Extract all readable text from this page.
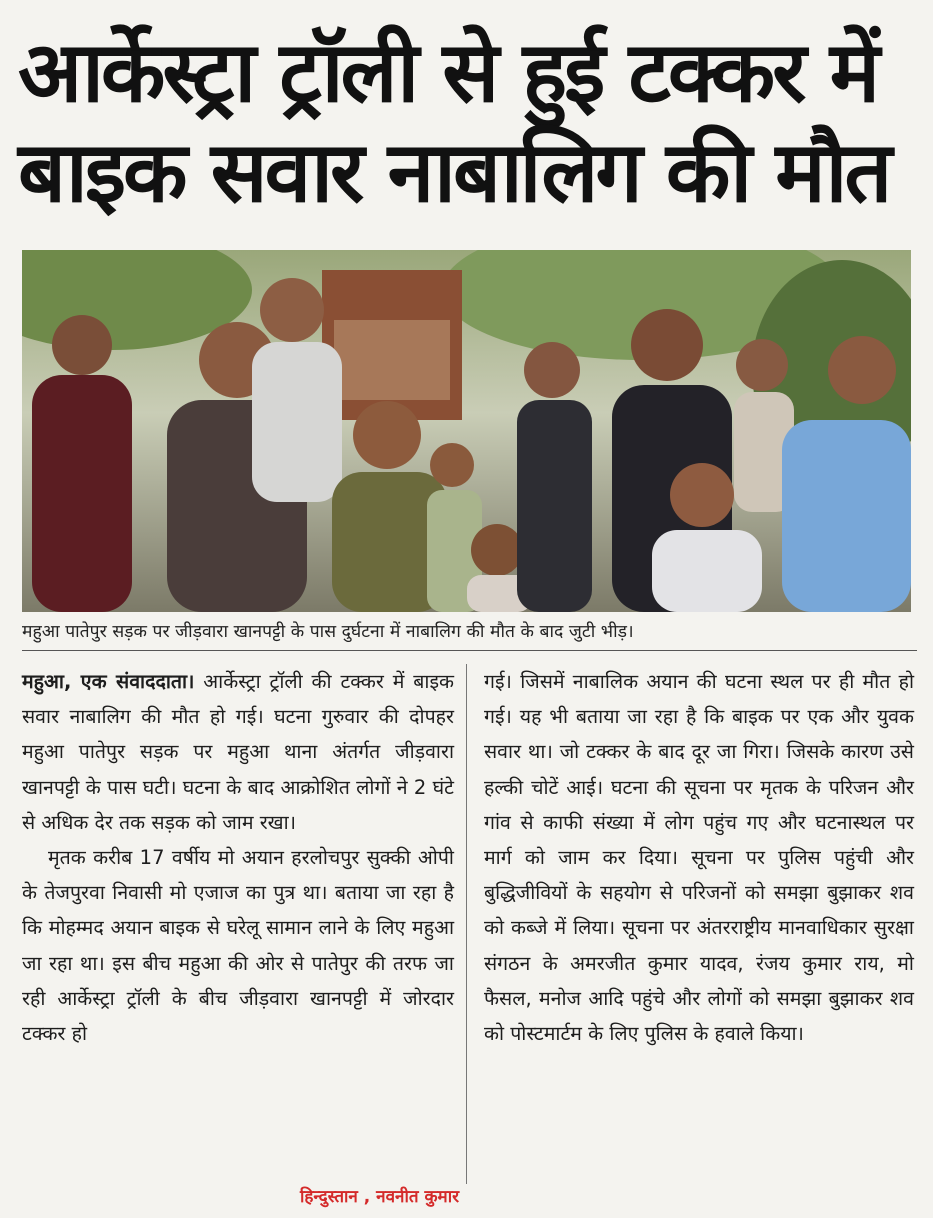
आर्केस्ट्रा ट्रॉली से हुई टक्कर में
बाइक सवार नाबालिग की मौत
महुआ पातेपुर सड़क पर जीड़वारा खानपट्टी के पास दुर्घटना में नाबालिग की मौत के बाद जुटी भीड़।

महुआ, एक संवाददाता। आर्केस्ट्रा ट्रॉली की टक्कर में बाइक सवार नाबालिग की मौत हो गई। घटना गुरुवार की दोपहर महुआ पातेपुर सड़क पर महुआ थाना अंतर्गत जीड़वारा खानपट्टी के पास घटी। घटना के बाद आक्रोशित लोगों ने 2 घंटे से अधिक देर तक सड़क को जाम रखा।

मृतक करीब 17 वर्षीय मो अयान हरलोचपुर सुक्की ओपी के तेजपुरवा निवासी मो एजाज का पुत्र था। बताया जा रहा है कि मोहम्मद अयान बाइक से घरेलू सामान लाने के लिए महुआ जा रहा था। इस बीच महुआ की ओर से पातेपुर की तरफ जा रही आर्केस्ट्रा ट्रॉली के बीच जीड़वारा खानपट्टी में जोरदार टक्कर हो

गई। जिसमें नाबालिक अयान की घटना स्थल पर ही मौत हो गई। यह भी बताया जा रहा है कि बाइक पर एक और युवक सवार था। जो टक्कर के बाद दूर जा गिरा। जिसके कारण उसे हल्की चोटें आई। घटना की सूचना पर मृतक के परिजन और गांव से काफी संख्या में लोग पहुंच गए और घटनास्थल पर मार्ग को जाम कर दिया। सूचना पर पुलिस पहुंची और बुद्धिजीवियों के सहयोग से परिजनों को समझा बुझाकर शव को कब्जे में लिया। सूचना पर अंतरराष्ट्रीय मानवाधिकार सुरक्षा संगठन के अमरजीत कुमार यादव, रंजय कुमार राय, मो फैसल, मनोज आदि पहुंचे और लोगों को समझा बुझाकर शव को पोस्टमार्टम के लिए पुलिस के हवाले किया।

हिन्दुस्तान , नवनीत कुमार
